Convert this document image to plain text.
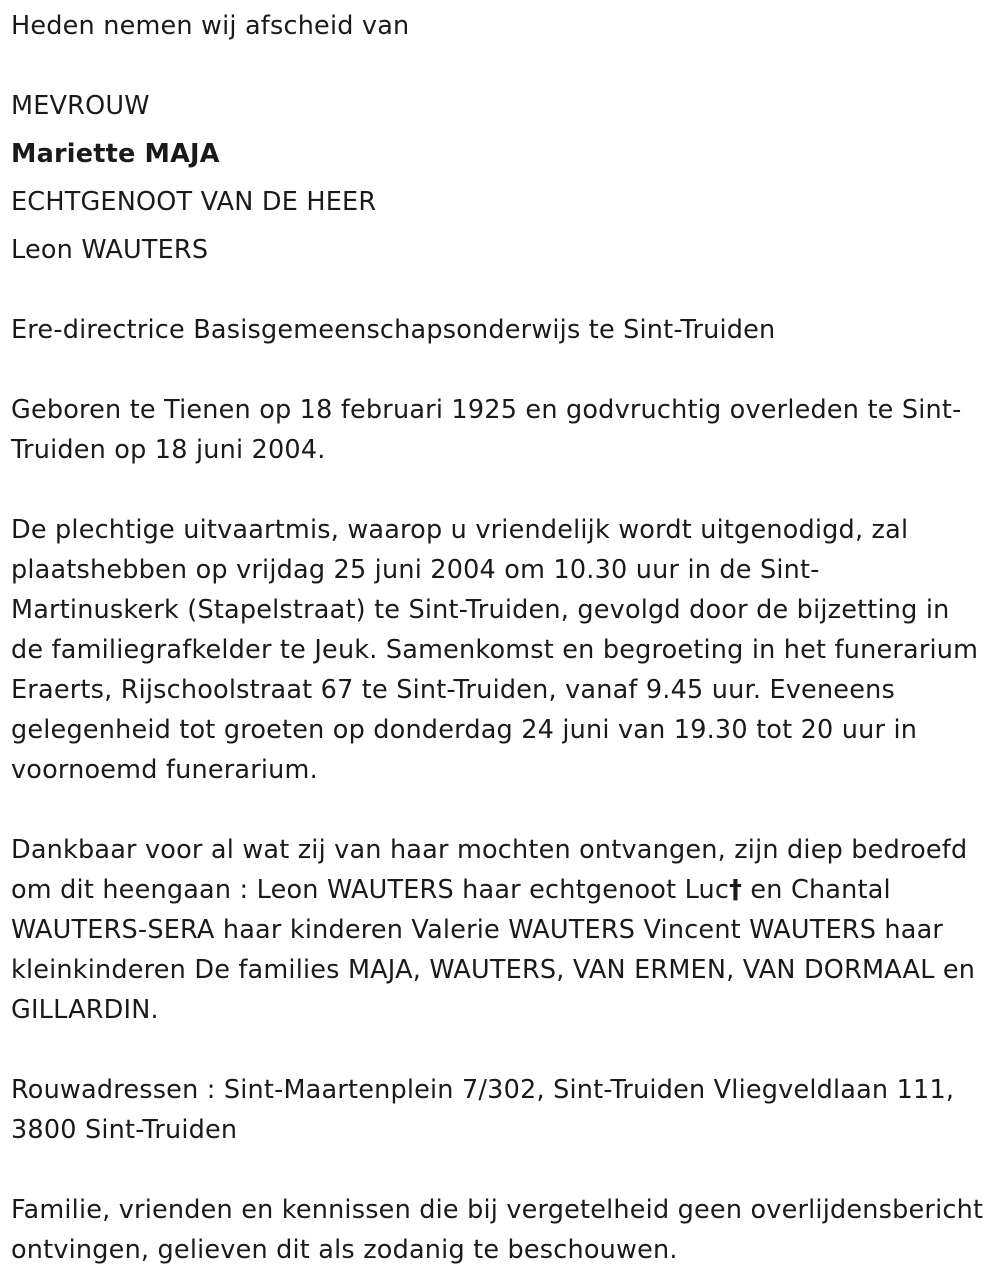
Heden nemen wij afscheid van

MEVROUW

Mariette MAJA

ECHTGENOOT VAN DE HEER

Leon WAUTERS

Ere-directrice Basisgemeenschapsonderwijs te Sint-Truiden

Geboren te Tienen op 18 februari 1925 en godvruchtig overleden te Sint-Truiden op 18 juni 2004.

De plechtige uitvaartmis, waarop u vriendelijk wordt uitgenodigd, zal plaatshebben op vrijdag 25 juni 2004 om 10.30 uur in de Sint-Martinuskerk (Stapelstraat) te Sint-Truiden, gevolgd door de bijzetting in de familiegrafkelder te Jeuk. Samenkomst en begroeting in het funerarium Eraerts, Rijschoolstraat 67 te Sint-Truiden, vanaf 9.45 uur. Eveneens gelegenheid tot groeten op donderdag 24 juni van 19.30 tot 20 uur in voornoemd funerarium.

Dankbaar voor al wat zij van haar mochten ontvangen, zijn diep bedroefd om dit heengaan : Leon WAUTERS haar echtgenoot Luc† en Chantal WAUTERS-SERA haar kinderen Valerie WAUTERS Vincent WAUTERS haar kleinkinderen De families MAJA, WAUTERS, VAN ERMEN, VAN DORMAAL en GILLARDIN.

Rouwadressen : Sint-Maartenplein 7/302, Sint-Truiden Vliegveldlaan 111, 3800 Sint-Truiden

Familie, vrienden en kennissen die bij vergetelheid geen overlijdensbericht ontvingen, gelieven dit als zodanig te beschouwen.
